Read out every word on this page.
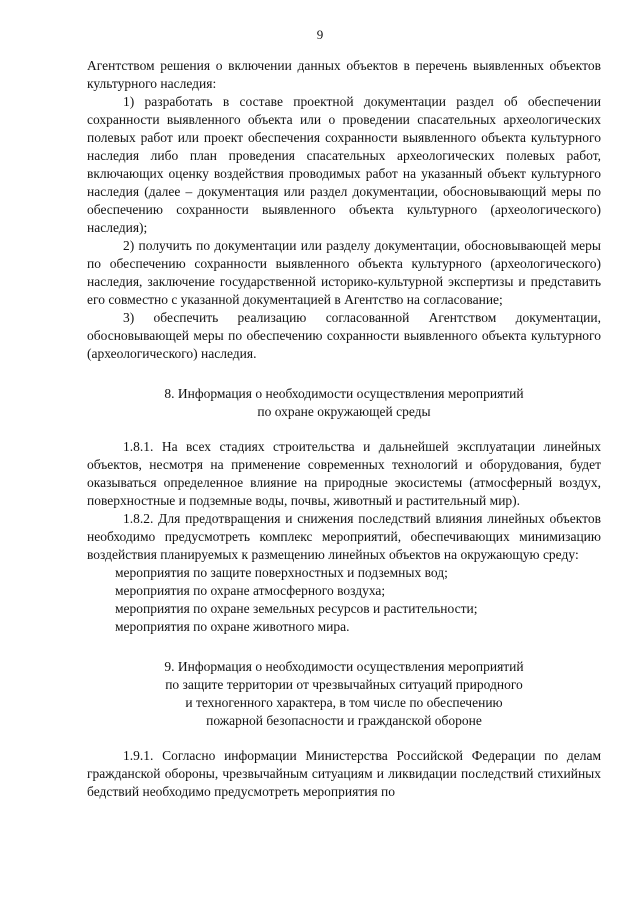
9

Агентством решения о включении данных объектов в перечень выявленных объектов культурного наследия:

1) разработать в составе проектной документации раздел об обеспечении сохранности выявленного объекта или о проведении спасательных археологических полевых работ или проект обеспечения сохранности выявленного объекта культурного наследия либо план проведения спасательных археологических полевых работ, включающих оценку воздействия проводимых работ на указанный объект культурного наследия (далее – документация или раздел документации, обосновывающий меры по обеспечению сохранности выявленного объекта культурного (археологического) наследия);

2) получить по документации или разделу документации, обосновывающей меры по обеспечению сохранности выявленного объекта культурного (археологического) наследия, заключение государственной историко-культурной экспертизы и представить его совместно с указанной документацией в Агентство на согласование;

3) обеспечить реализацию согласованной Агентством документации, обосновывающей меры по обеспечению сохранности выявленного объекта культурного (археологического) наследия.

8. Информация о необходимости осуществления мероприятий
по охране окружающей среды

1.8.1. На всех стадиях строительства и дальнейшей эксплуатации линейных объектов, несмотря на применение современных технологий и оборудования, будет оказываться определенное влияние на природные экосистемы (атмосферный воздух, поверхностные и подземные воды, почвы, животный и растительный мир).

1.8.2. Для предотвращения и снижения последствий влияния линейных объектов необходимо предусмотреть комплекс мероприятий, обеспечивающих минимизацию воздействия планируемых к размещению линейных объектов на окружающую среду:

мероприятия по защите поверхностных и подземных вод;

мероприятия по охране атмосферного воздуха;

мероприятия по охране земельных ресурсов и растительности;

мероприятия по охране животного мира.

9. Информация о необходимости осуществления мероприятий
по защите территории от чрезвычайных ситуаций природного
и техногенного характера, в том числе по обеспечению
пожарной безопасности и гражданской обороне

1.9.1. Согласно информации Министерства Российской Федерации по делам гражданской обороны, чрезвычайным ситуациям и ликвидации последствий стихийных бедствий необходимо предусмотреть мероприятия по
